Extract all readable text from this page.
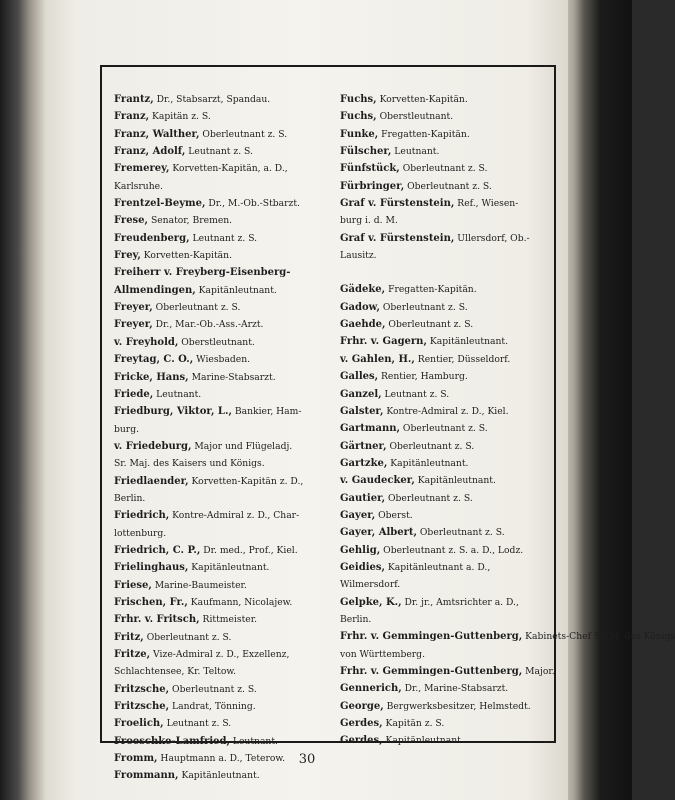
Frantz, Dr., Stabsarzt, Spandau.
Franz, Kapitän z. S.
Franz, Walther, Oberleutnant z. S.
Franz, Adolf, Leutnant z. S.
Fremerey, Korvetten-Kapitän, a. D.,
Karlsruhe.
Frentzel-Beyme, Dr., M.-Ob.-Stbarzt.
Frese, Senator, Bremen.
Freudenberg, Leutnant z. S.
Frey, Korvetten-Kapitän.
Freiherr v. Freyberg-Eisenberg-
Allmendingen, Kapitänleutnant.
Freyer, Oberleutnant z. S.
Freyer, Dr., Mar.-Ob.-Ass.-Arzt.
v. Freyhold, Oberstleutnant.
Freytag, C. O., Wiesbaden.
Fricke, Hans, Marine-Stabsarzt.
Friede, Leutnant.
Friedburg, Viktor, L., Bankier, Ham-
burg.
v. Friedeburg, Major und Flügeladj.
Sr. Maj. des Kaisers und Königs.
Friedlaender, Korvetten-Kapitän z. D.,
Berlin.
Friedrich, Kontre-Admiral z. D., Char-
lottenburg.
Friedrich, C. P., Dr. med., Prof., Kiel.
Frielinghaus, Kapitänleutnant.
Friese, Marine-Baumeister.
Frischen, Fr., Kaufmann, Nicolajew.
Frhr. v. Fritsch, Rittmeister.
Fritz, Oberleutnant z. S.
Fritze, Vize-Admiral z. D., Exzellenz,
Schlachtensee, Kr. Teltow.
Fritzsche, Oberleutnant z. S.
Fritzsche, Landrat, Tönning.
Froelich, Leutnant z. S.
Froeschke-Lamfried, Leutnant.
Fromm, Hauptmann a. D., Teterow.
Frommann, Kapitänleutnant.
Fuchs, Korvetten-Kapitän.
Fuchs, Oberstleutnant.
Funke, Fregatten-Kapitän.
Fülscher, Leutnant.
Fünfstück, Oberleutnant z. S.
Fürbringer, Oberleutnant z. S.
Graf v. Fürstenstein, Ref., Wiesen-
burg i. d. M.
Graf v. Fürstenstein, Ullersdorf, Ob.-
Lausitz.
Gädeke, Fregatten-Kapitän.
Gadow, Oberleutnant z. S.
Gaehde, Oberleutnant z. S.
Frhr. v. Gagern, Kapitänleutnant.
v. Gahlen, H., Rentier, Düsseldorf.
Galles, Rentier, Hamburg.
Ganzel, Leutnant z. S.
Galster, Kontre-Admiral z. D., Kiel.
Gartmann, Oberleutnant z. S.
Gärtner, Oberleutnant z. S.
Gartzke, Kapitänleutnant.
v. Gaudecker, Kapitänleutnant.
Gautier, Oberleutnant z. S.
Gayer, Oberst.
Gayer, Albert, Oberleutnant z. S.
Gehlig, Oberleutnant z. S. a. D., Lodz.
Geidies, Kapitänleutnant a. D.,
Wilmersdorf.
Gelpke, K., Dr. jr., Amtsrichter a. D.,
Berlin.
Frhr. v. Gemmingen-Guttenberg, Kabinets-Chef Sr. M. des Königs
von Württemberg.
Frhr. v. Gemmingen-Guttenberg, Major.
Gennerich, Dr., Marine-Stabsarzt.
George, Bergwerksbesitzer, Helmstedt.
Gerdes, Kapitän z. S.
Gerdes, Kapitänleutnant.
30
